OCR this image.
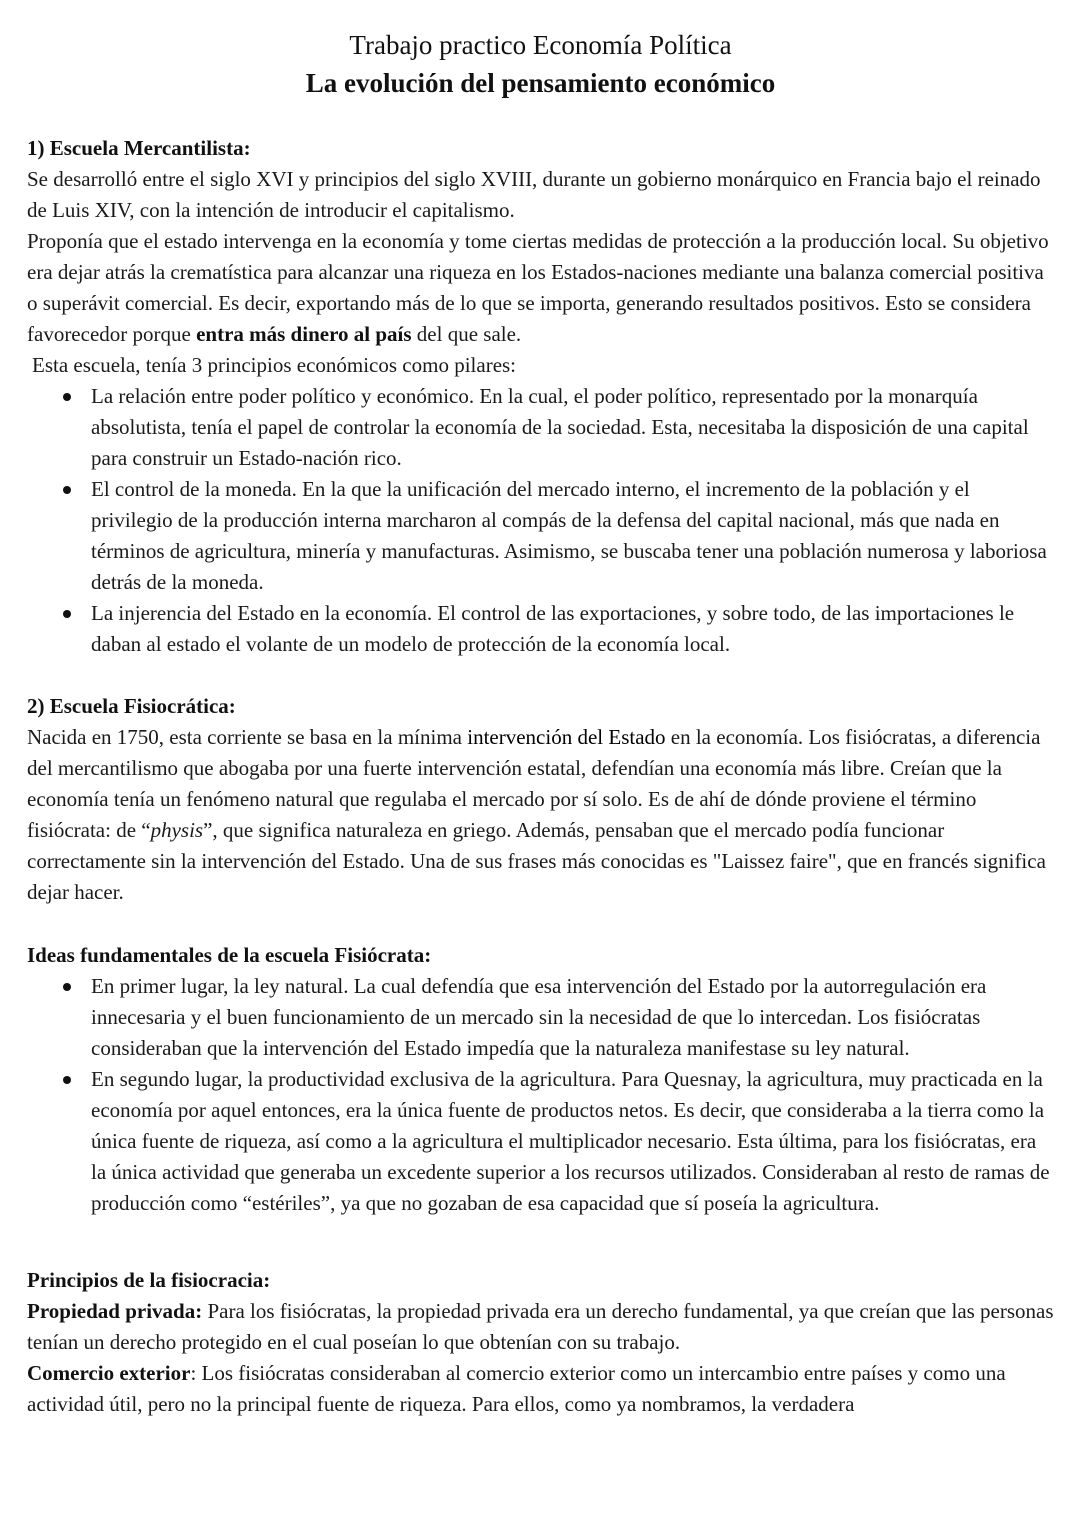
Trabajo practico Economía Política
La evolución del pensamiento económico
1) Escuela Mercantilista:

Se desarrolló entre el siglo XVI y principios del siglo XVIII, durante un gobierno monárquico en Francia bajo el reinado de Luis XIV, con la intención de introducir el capitalismo.

Proponía que el estado intervenga en la economía y tome ciertas medidas de protección a la producción local. Su objetivo era dejar atrás la crematística para alcanzar una riqueza en los Estados-naciones mediante una balanza comercial positiva o superávit comercial. Es decir, exportando más de lo que se importa, generando resultados positivos. Esto se considera favorecedor porque entra más dinero al país del que sale.

Esta escuela, tenía 3 principios económicos como pilares:

La relación entre poder político y económico. En la cual, el poder político, representado por la monarquía absolutista, tenía el papel de controlar la economía de la sociedad. Esta, necesitaba la disposición de una capital para construir un Estado-nación rico.
El control de la moneda. En la que la unificación del mercado interno, el incremento de la población y el privilegio de la producción interna marcharon al compás de la defensa del capital nacional, más que nada en términos de agricultura, minería y manufacturas. Asimismo, se buscaba tener una población numerosa y laboriosa detrás de la moneda.
La injerencia del Estado en la economía. El control de las exportaciones, y sobre todo, de las importaciones le daban al estado el volante de un modelo de protección de la economía local.
2) Escuela Fisiocrática:

Nacida en 1750, esta corriente se basa en la mínima intervención del Estado en la economía. Los fisiócratas, a diferencia del mercantilismo que abogaba por una fuerte intervención estatal, defendían una economía más libre. Creían que la economía tenía un fenómeno natural que regulaba el mercado por sí solo. Es de ahí de dónde proviene el término fisiócrata: de “physis”, que significa naturaleza en griego. Además, pensaban que el mercado podía funcionar correctamente sin la intervención del Estado. Una de sus frases más conocidas es "Laissez faire", que en francés significa dejar hacer.

Ideas fundamentales de la escuela Fisiócrata:
En primer lugar, la ley natural. La cual defendía que esa intervención del Estado por la autorregulación era innecesaria y el buen funcionamiento de un mercado sin la necesidad de que lo intercedan. Los fisiócratas consideraban que la intervención del Estado impedía que la naturaleza manifestase su ley natural.
En segundo lugar, la productividad exclusiva de la agricultura. Para Quesnay, la agricultura, muy practicada en la economía por aquel entonces, era la única fuente de productos netos. Es decir, que consideraba a la tierra como la única fuente de riqueza, así como a la agricultura el multiplicador necesario. Esta última, para los fisiócratas, era la única actividad que generaba un excedente superior a los recursos utilizados. Consideraban al resto de ramas de producción como “estériles”, ya que no gozaban de esa capacidad que sí poseía la agricultura.
Principios de la fisiocracia:

Propiedad privada: Para los fisiócratas, la propiedad privada era un derecho fundamental, ya que creían que las personas tenían un derecho protegido en el cual poseían lo que obtenían con su trabajo.

Comercio exterior: Los fisiócratas consideraban al comercio exterior como un intercambio entre países y como una actividad útil, pero no la principal fuente de riqueza. Para ellos, como ya nombramos, la verdadera
